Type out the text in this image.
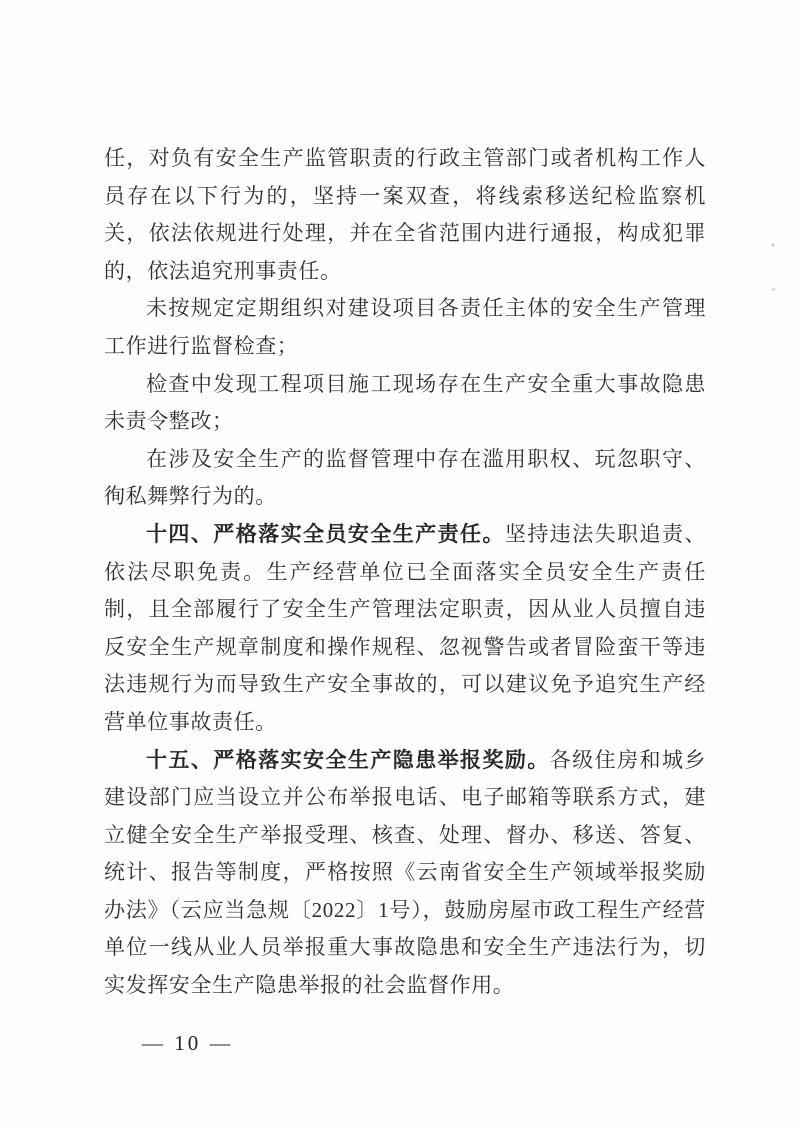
任，对负有安全生产监管职责的行政主管部门或者机构工作人员存在以下行为的，坚持一案双查，将线索移送纪检监察机关，依法依规进行处理，并在全省范围内进行通报，构成犯罪的，依法追究刑事责任。

未按规定定期组织对建设项目各责任主体的安全生产管理工作进行监督检查；

检查中发现工程项目施工现场存在生产安全重大事故隐患未责令整改；

在涉及安全生产的监督管理中存在滥用职权、玩忽职守、徇私舞弊行为的。

十四、严格落实全员安全生产责任。坚持违法失职追责、依法尽职免责。生产经营单位已全面落实全员安全生产责任制，且全部履行了安全生产管理法定职责，因从业人员擅自违反安全生产规章制度和操作规程、忽视警告或者冒险蛮干等违法违规行为而导致生产安全事故的，可以建议免予追究生产经营单位事故责任。

十五、严格落实安全生产隐患举报奖励。各级住房和城乡建设部门应当设立并公布举报电话、电子邮箱等联系方式，建立健全安全生产举报受理、核查、处理、督办、移送、答复、统计、报告等制度，严格按照《云南省安全生产领域举报奖励办法》（云应当急规〔2022〕1号），鼓励房屋市政工程生产经营单位一线从业人员举报重大事故隐患和安全生产违法行为，切实发挥安全生产隐患举报的社会监督作用。

— 10 —
